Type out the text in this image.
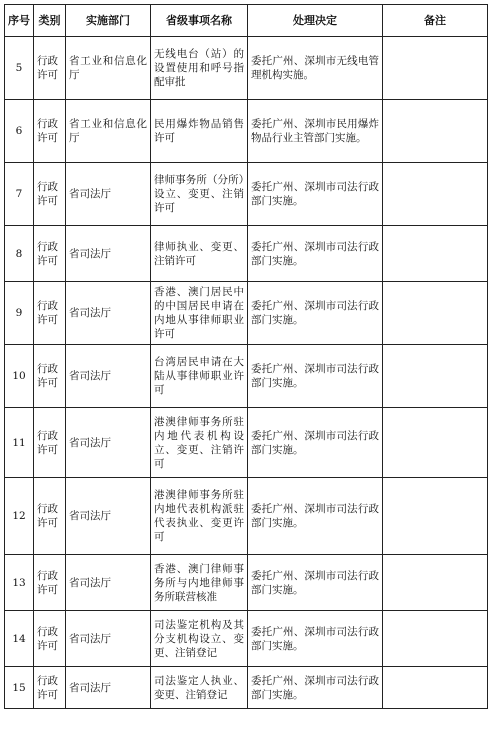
序号	类别	实施部门	省级事项名称	处理决定	备注
5	行政许可	省工业和信息化厅	无线电台（站）的设置使用和呼号指配审批	委托广州、深圳市无线电管理机构实施。	
6	行政许可	省工业和信息化厅	民用爆炸物品销售许可	委托广州、深圳市民用爆炸物品行业主管部门实施。	
7	行政许可	省司法厅	律师事务所（分所）设立、变更、注销许可	委托广州、深圳市司法行政部门实施。	
8	行政许可	省司法厅	律师执业、变更、注销许可	委托广州、深圳市司法行政部门实施。	
9	行政许可	省司法厅	香港、澳门居民中的中国居民申请在内地从事律师职业许可	委托广州、深圳市司法行政部门实施。	
10	行政许可	省司法厅	台湾居民申请在大陆从事律师职业许可	委托广州、深圳市司法行政部门实施。	
11	行政许可	省司法厅	港澳律师事务所驻内地代表机构设立、变更、注销许可	委托广州、深圳市司法行政部门实施。	
12	行政许可	省司法厅	港澳律师事务所驻内地代表机构派驻代表执业、变更许可	委托广州、深圳市司法行政部门实施。	
13	行政许可	省司法厅	香港、澳门律师事务所与内地律师事务所联营核准	委托广州、深圳市司法行政部门实施。	
14	行政许可	省司法厅	司法鉴定机构及其分支机构设立、变更、注销登记	委托广州、深圳市司法行政部门实施。	
15	行政许可	省司法厅	司法鉴定人执业、变更、注销登记	委托广州、深圳市司法行政部门实施。	
